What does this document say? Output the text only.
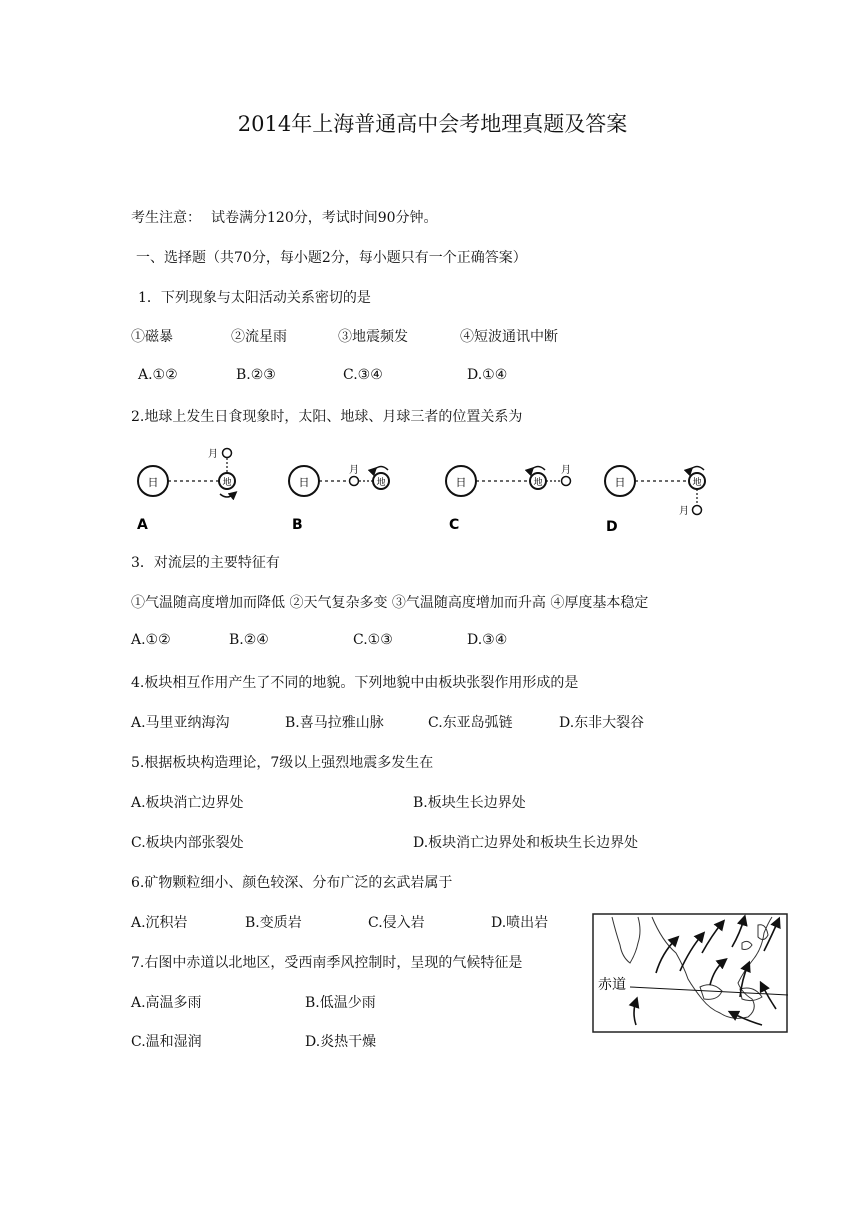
2014年上海普通高中会考地理真题及答案
考生注意： 试卷满分120分，考试时间90分钟。
一、选择题（共70分，每小题2分，每小题只有一个正确答案）
1．下列现象与太阳活动关系密切的是
①磁暴	②流星雨	③地震频发	④短波通讯中断
A.①②	B.②③	C.③④	D.①④
2.地球上发生日食现象时，太阳、地球、月球三者的位置关系为
日	地
月
A
日
月
地
B
日	地
月
C
日	地
月
D
3．对流层的主要特征有
①气温随高度增加而降低 ②天气复杂多变 ③气温随高度增加而升高 ④厚度基本稳定
A.①②	B.②④	C.①③	D.③④
4.板块相互作用产生了不同的地貌。下列地貌中由板块张裂作用形成的是
A.马里亚纳海沟	B.喜马拉雅山脉	C.东亚岛弧链	D.东非大裂谷
5.根据板块构造理论，7级以上强烈地震多发生在
A.板块消亡边界处	B.板块生长边界处
C.板块内部张裂处	D.板块消亡边界处和板块生长边界处
6.矿物颗粒细小、颜色较深、分布广泛的玄武岩属于
A.沉积岩	B.变质岩	C.侵入岩	D.喷出岩
7.右图中赤道以北地区，受西南季风控制时，呈现的气候特征是
A.高温多雨	B.低温少雨
C.温和湿润	D.炎热干燥
赤道
